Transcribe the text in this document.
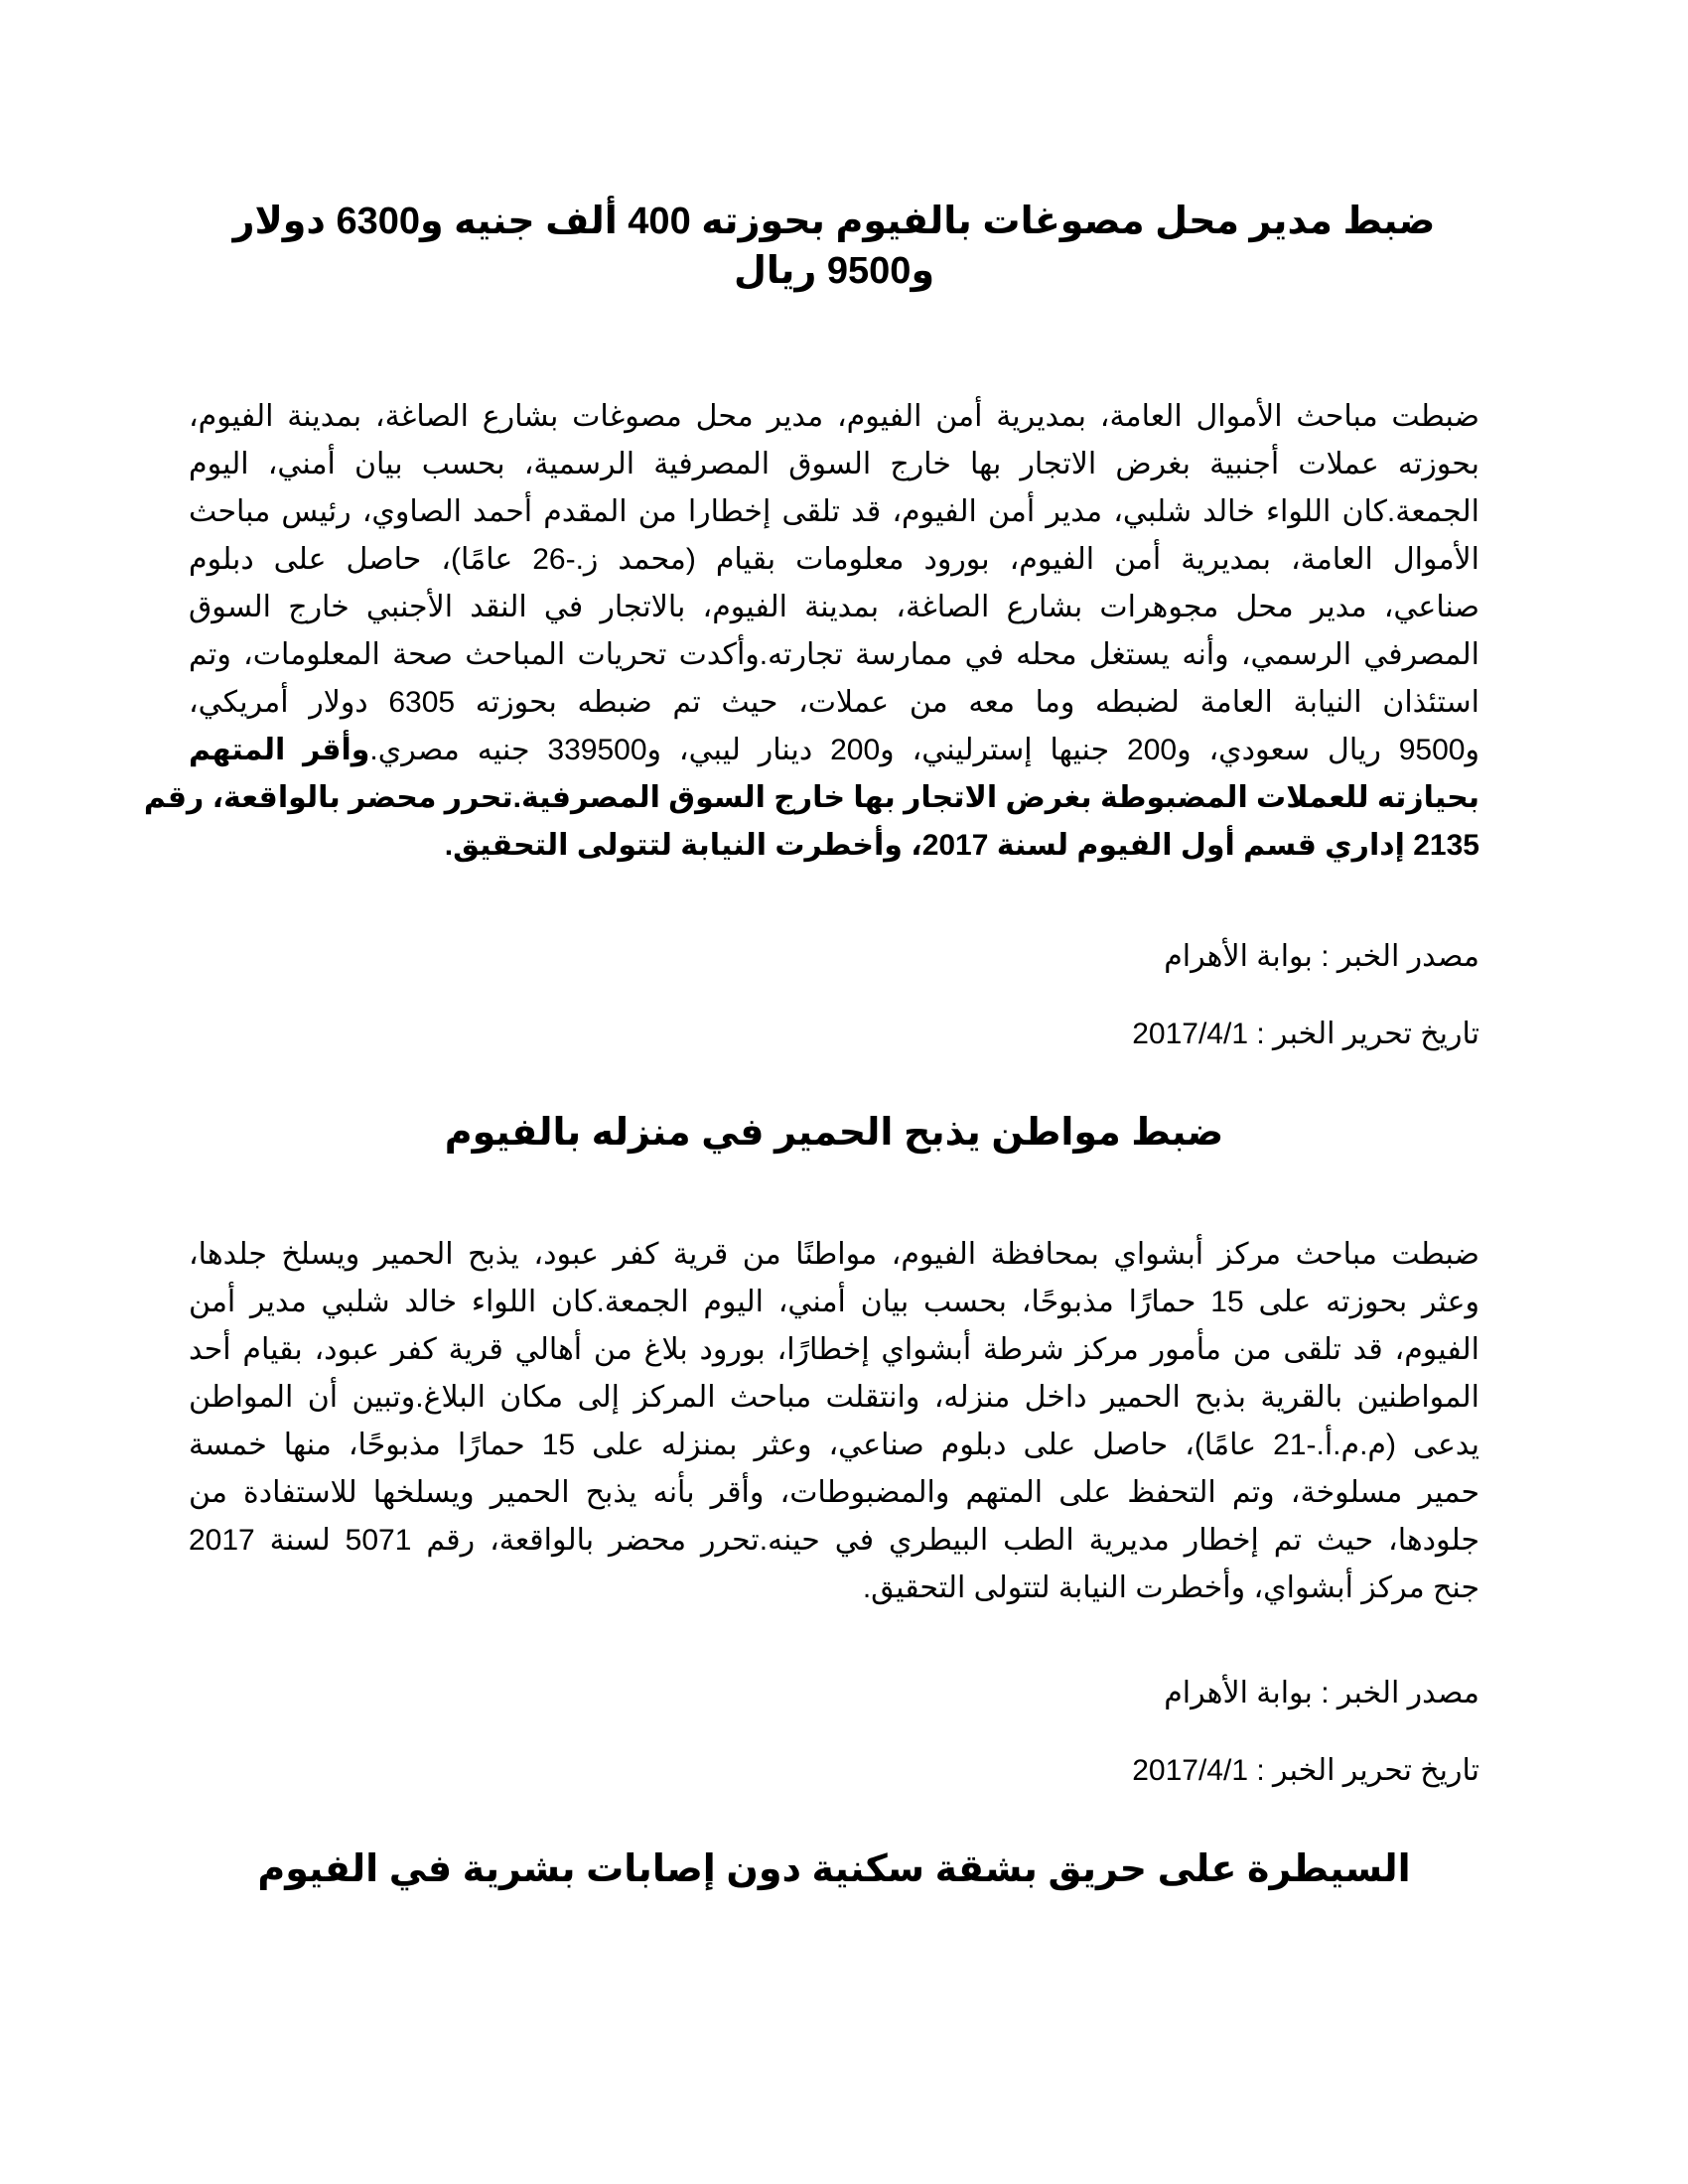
ضبط مدير محل مصوغات بالفيوم بحوزته 400 ألف جنيه و6300 دولار
و9500 ريال
ضبطت مباحث الأموال العامة، بمديرية أمن الفيوم، مدير محل مصوغات بشارع الصاغة، بمدينة الفيوم،
بحوزته عملات أجنبية بغرض الاتجار بها خارج السوق المصرفية الرسمية، بحسب بيان أمني، اليوم
الجمعة.كان اللواء خالد شلبي، مدير أمن الفيوم، قد تلقى إخطارا من المقدم أحمد الصاوي، رئيس مباحث
الأموال العامة، بمديرية أمن الفيوم، بورود معلومات بقيام (محمد ز.-26 عامًا)، حاصل على دبلوم
صناعي، مدير محل مجوهرات بشارع الصاغة، بمدينة الفيوم، بالاتجار في النقد الأجنبي خارج السوق
المصرفي الرسمي، وأنه يستغل محله في ممارسة تجارته.وأكدت تحريات المباحث صحة المعلومات، وتم
استئذان النيابة العامة لضبطه وما معه من عملات، حيث تم ضبطه بحوزته 6305 دولار أمريكي،
و9500 ريال سعودي، و200 جنيها إسترليني، و200 دينار ليبي، و339500 جنيه مصري.وأقر المتهم
بحيازته للعملات المضبوطة بغرض الاتجار بها خارج السوق المصرفية.تحرر محضر بالواقعة، رقم
2135 إداري قسم أول الفيوم لسنة 2017، وأخطرت النيابة لتتولى التحقيق.

مصدر الخبر : بوابة الأهرام

تاريخ تحرير الخبر : 2017/4/1

ضبط مواطن يذبح الحمير في منزله بالفيوم
ضبطت مباحث مركز أبشواي بمحافظة الفيوم، مواطنًا من قرية كفر عبود، يذبح الحمير ويسلخ جلدها،
وعثر بحوزته على 15 حمارًا مذبوحًا، بحسب بيان أمني، اليوم الجمعة.كان اللواء خالد شلبي مدير أمن
الفيوم، قد تلقى من مأمور مركز شرطة أبشواي إخطارًا، بورود بلاغ من أهالي قرية كفر عبود، بقيام أحد
المواطنين بالقرية بذبح الحمير داخل منزله، وانتقلت مباحث المركز إلى مكان البلاغ.وتبين أن المواطن
يدعى (م.م.أ.-21 عامًا)، حاصل على دبلوم صناعي، وعثر بمنزله على 15 حمارًا مذبوحًا، منها خمسة
حمير مسلوخة، وتم التحفظ على المتهم والمضبوطات، وأقر بأنه يذبح الحمير ويسلخها للاستفادة من
جلودها، حيث تم إخطار مديرية الطب البيطري في حينه.تحرر محضر بالواقعة، رقم 5071 لسنة 2017
جنح مركز أبشواي، وأخطرت النيابة لتتولى التحقيق.

مصدر الخبر : بوابة الأهرام

تاريخ تحرير الخبر : 2017/4/1

السيطرة على حريق بشقة سكنية دون إصابات بشرية في الفيوم
